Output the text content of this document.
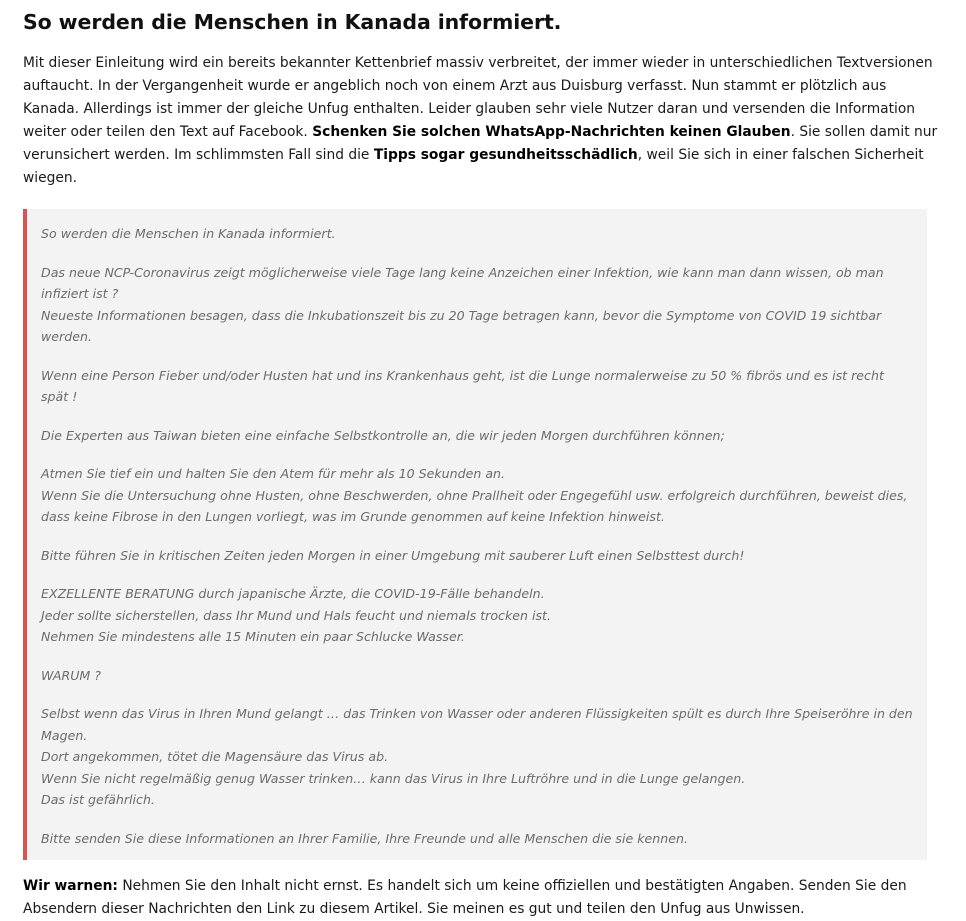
So werden die Menschen in Kanada informiert.

Mit dieser Einleitung wird ein bereits bekannter Kettenbrief massiv verbreitet, der immer wieder in unterschiedlichen Textversionen auftaucht. In der Vergangenheit wurde er angeblich noch von einem Arzt aus Duisburg verfasst. Nun stammt er plötzlich aus Kanada. Allerdings ist immer der gleiche Unfug enthalten. Leider glauben sehr viele Nutzer daran und versenden die Information weiter oder teilen den Text auf Facebook. Schenken Sie solchen WhatsApp-Nachrichten keinen Glauben. Sie sollen damit nur verunsichert werden. Im schlimmsten Fall sind die Tipps sogar gesundheitsschädlich, weil Sie sich in einer falschen Sicherheit wiegen.

So werden die Menschen in Kanada informiert.

Das neue NCP-Coronavirus zeigt möglicherweise viele Tage lang keine Anzeichen einer Infektion, wie kann man dann wissen, ob man infiziert ist ?
Neueste Informationen besagen, dass die Inkubationszeit bis zu 20 Tage betragen kann, bevor die Symptome von COVID 19 sichtbar werden.

Wenn eine Person Fieber und/oder Husten hat und ins Krankenhaus geht, ist die Lunge normalerweise zu 50 % fibrös und es ist recht spät !

Die Experten aus Taiwan bieten eine einfache Selbstkontrolle an, die wir jeden Morgen durchführen können;

Atmen Sie tief ein und halten Sie den Atem für mehr als 10 Sekunden an.
Wenn Sie die Untersuchung ohne Husten, ohne Beschwerden, ohne Prallheit oder Engegefühl usw. erfolgreich durchführen, beweist dies, dass keine Fibrose in den Lungen vorliegt, was im Grunde genommen auf keine Infektion hinweist.

Bitte führen Sie in kritischen Zeiten jeden Morgen in einer Umgebung mit sauberer Luft einen Selbsttest durch!

EXZELLENTE BERATUNG durch japanische Ärzte, die COVID-19-Fälle behandeln.
Jeder sollte sicherstellen, dass Ihr Mund und Hals feucht und niemals trocken ist.
Nehmen Sie mindestens alle 15 Minuten ein paar Schlucke Wasser.

WARUM ?

Selbst wenn das Virus in Ihren Mund gelangt … das Trinken von Wasser oder anderen Flüssigkeiten spült es durch Ihre Speiseröhre in den Magen.
Dort angekommen, tötet die Magensäure das Virus ab.
Wenn Sie nicht regelmäßig genug Wasser trinken… kann das Virus in Ihre Luftröhre und in die Lunge gelangen.
Das ist gefährlich.

Bitte senden Sie diese Informationen an Ihrer Familie, Ihre Freunde und alle Menschen die sie kennen.

Wir warnen: Nehmen Sie den Inhalt nicht ernst. Es handelt sich um keine offiziellen und bestätigten Angaben. Senden Sie den Absendern dieser Nachrichten den Link zu diesem Artikel. Sie meinen es gut und teilen den Unfug aus Unwissen.
